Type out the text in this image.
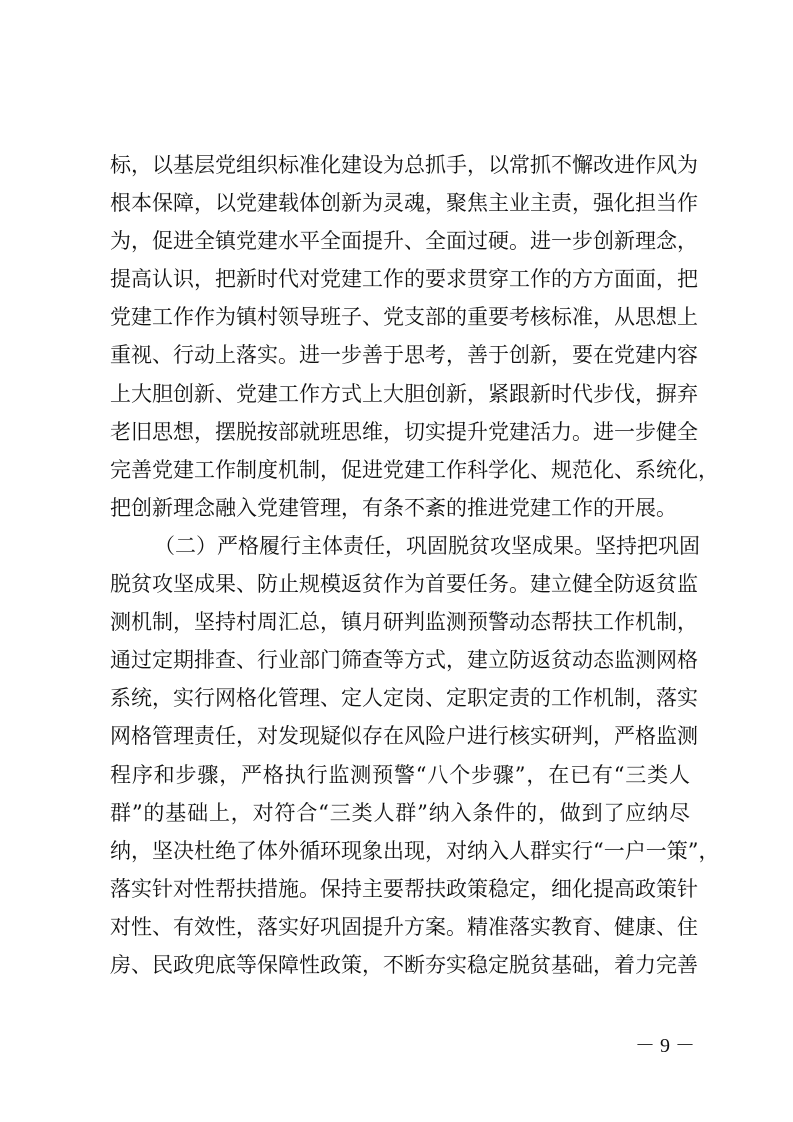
标，以基层党组织标准化建设为总抓手，以常抓不懈改进作风为
根本保障，以党建载体创新为灵魂，聚焦主业主责，强化担当作
为，促进全镇党建水平全面提升、全面过硬。进一步创新理念，
提高认识，把新时代对党建工作的要求贯穿工作的方方面面，把
党建工作作为镇村领导班子、党支部的重要考核标准，从思想上
重视、行动上落实。进一步善于思考，善于创新，要在党建内容
上大胆创新、党建工作方式上大胆创新，紧跟新时代步伐，摒弃
老旧思想，摆脱按部就班思维，切实提升党建活力。进一步健全
完善党建工作制度机制，促进党建工作科学化、规范化、系统化，
把创新理念融入党建管理，有条不紊的推进党建工作的开展。
（二）严格履行主体责任，巩固脱贫攻坚成果。坚持把巩固
脱贫攻坚成果、防止规模返贫作为首要任务。建立健全防返贫监
测机制，坚持村周汇总，镇月研判监测预警动态帮扶工作机制，
通过定期排查、行业部门筛查等方式，建立防返贫动态监测网格
系统，实行网格化管理、定人定岗、定职定责的工作机制，落实
网格管理责任，对发现疑似存在风险户进行核实研判，严格监测
程序和步骤，严格执行监测预警“八个步骤”，在已有“三类人
群”的基础上，对符合“三类人群”纳入条件的，做到了应纳尽
纳，坚决杜绝了体外循环现象出现，对纳入人群实行“一户一策”，
落实针对性帮扶措施。保持主要帮扶政策稳定，细化提高政策针
对性、有效性，落实好巩固提升方案。精准落实教育、健康、住
房、民政兜底等保障性政策，不断夯实稳定脱贫基础，着力完善
－ 9 －
